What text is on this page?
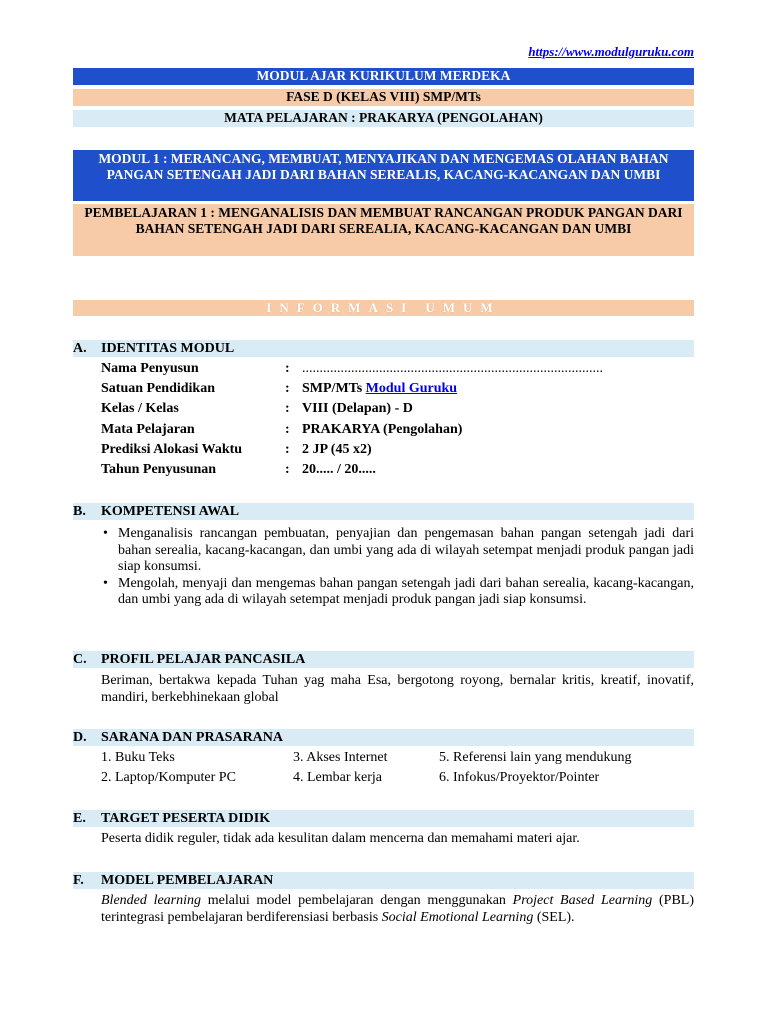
https://www.modulguruku.com
MODUL AJAR KURIKULUM MERDEKA
FASE D (KELAS VIII) SMP/MTs
MATA PELAJARAN : PRAKARYA (PENGOLAHAN)
MODUL 1 : MERANCANG, MEMBUAT, MENYAJIKAN DAN MENGEMAS OLAHAN BAHAN PANGAN SETENGAH JADI DARI BAHAN SEREALIS, KACANG-KACANGAN DAN UMBI
PEMBELAJARAN 1 : MENGANALISIS DAN MEMBUAT RANCANGAN PRODUK PANGAN DARI BAHAN SETENGAH JADI DARI SEREALIA, KACANG-KACANGAN DAN UMBI
INFORMASI UMUM
A. IDENTITAS MODUL
Nama Penyusun	: ......................................................................................
Satuan Pendidikan	: SMP/MTs Modul Guruku
Kelas / Kelas	: VIII (Delapan) - D
Mata Pelajaran	: PRAKARYA (Pengolahan)
Prediksi Alokasi Waktu	: 2 JP (45 x2)
Tahun Penyusunan	: 20..... / 20.....
B. KOMPETENSI AWAL
• Menganalisis rancangan pembuatan, penyajian dan pengemasan bahan pangan setengah jadi dari bahan serealia, kacang-kacangan, dan umbi yang ada di wilayah setempat menjadi produk pangan jadi siap konsumsi.
• Mengolah, menyaji dan mengemas bahan pangan setengah jadi dari bahan serealia, kacang-kacangan, dan umbi yang ada di wilayah setempat menjadi produk pangan jadi siap konsumsi.
C. PROFIL PELAJAR PANCASILA
Beriman, bertakwa kepada Tuhan yag maha Esa, bergotong royong, bernalar kritis, kreatif, inovatif, mandiri, berkebhinekaan global
D. SARANA DAN PRASARANA
1. Buku Teks	3. Akses Internet	5. Referensi lain yang mendukung
2. Laptop/Komputer PC	4. Lembar kerja	6. Infokus/Proyektor/Pointer
E. TARGET PESERTA DIDIK
Peserta didik reguler, tidak ada kesulitan dalam mencerna dan memahami materi ajar.
F. MODEL PEMBELAJARAN
Blended learning melalui model pembelajaran dengan menggunakan Project Based Learning (PBL) terintegrasi pembelajaran berdiferensiasi berbasis Social Emotional Learning (SEL).
